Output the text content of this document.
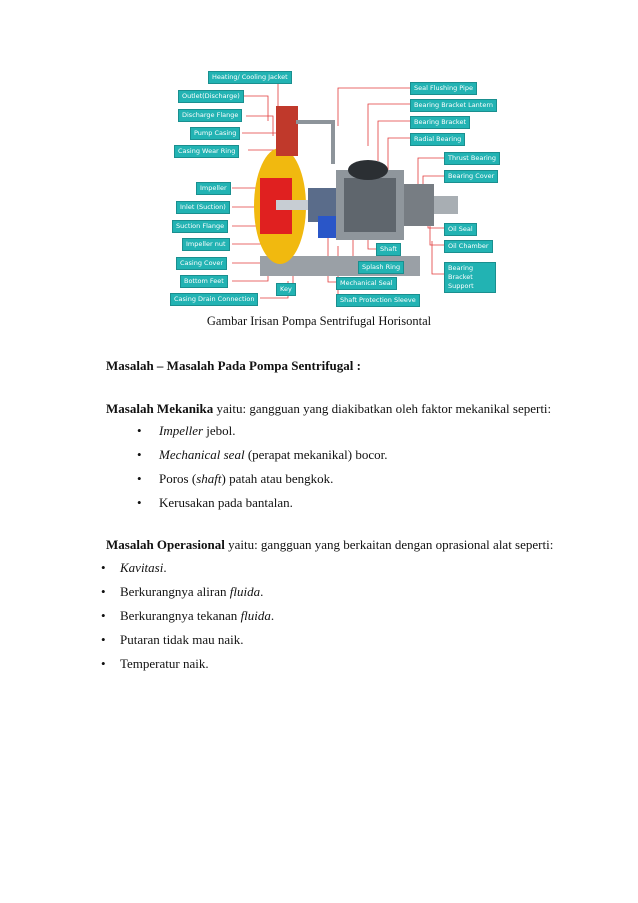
Heating/ Cooling Jacket
Outlet(Discharge)
Discharge Flange
Pump Casing
Casing Wear Ring
Impeller
Inlet (Suction)
Suction Flange
Impeller nut
Casing Cover
Bottom Feet
Casing Drain Connection
Seal Flushing Pipe
Bearing Bracket Lantern
Bearing Bracket
Radial Bearing
Thrust Bearing
Bearing Cover
Oil Seal
Oil Chamber
Bearing Bracket Support
Key
Shaft
Splash Ring
Mechanical Seal
Shaft Protection Sleeve
Gambar Irisan Pompa Sentrifugal Horisontal
Masalah – Masalah Pada Pompa Sentrifugal :
Masalah Mekanika yaitu: gangguan yang diakibatkan oleh faktor mekanikal seperti:
• Impeller jebol.
• Mechanical seal (perapat mekanikal) bocor.
• Poros (shaft) patah atau bengkok.
• Kerusakan pada bantalan.
Masalah Operasional yaitu: gangguan yang berkaitan dengan oprasional alat seperti:
• Kavitasi.
• Berkurangnya aliran fluida.
• Berkurangnya tekanan fluida.
• Putaran tidak mau naik.
• Temperatur naik.
